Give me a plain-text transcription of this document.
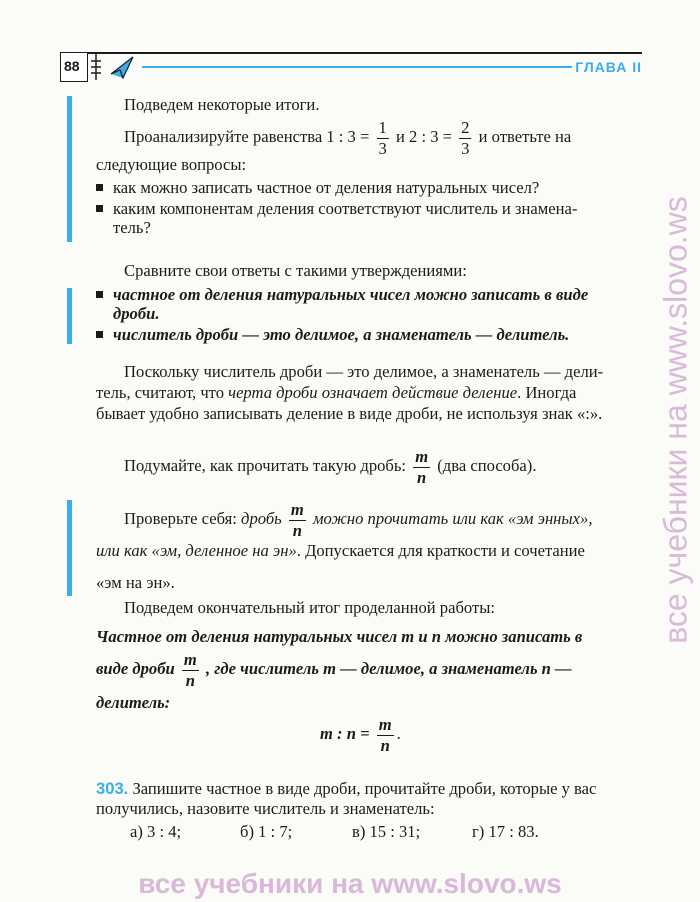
88	ГЛАВА II
Подведем некоторые итоги.
Проанализируйте равенства 1 : $3 = \frac{1}{3}$ и 2 : $3 = \frac{2}{3}$ и ответьте на
следующие вопросы:
как можно записать частное от деления натуральных чисел?
каким компонентам деления соответствуют числитель и знамена-
тель?
Сравните свои ответы с такими утверждениями:
частное от деления натуральных чисел можно записать в виде
дроби.
числитель дроби — это делимое, а знаменатель — делитель.
Поскольку числитель дроби — это делимое, а знаменатель — дели-
тель, считают, что черта дроби означает действие деление. Иногда
бывает удобно записывать деление в виде дроби, не используя знак «:».
Подумайте, как прочитать такую дробь: $\frac{m}{n} (два$ способа).
Проверьте себя: дробь $\frac{m}{n}$ можно прочитать или как «эм энных»,
или как «эм, деленное на эн». Допускается для краткости и сочетание
«эм на эн».
Подведем окончательный итог проделанной работы:
Частное от деления натуральных чисел m и n можно записать в
виде дроби $\frac{m}{n}$ , где числитель m — делимое, а знаменатель n —
делитель:
m : $n = \frac{m}{n}$ .
303. Запишите частное в виде дроби, прочитайте дроби, которые у вас
получились, назовите числитель и знаменатель:
а) 3 : 4;	б) 1 : 7;	в) 15 : 31;	г) 17 : 83.
все учебники на www.slovo.ws
все учебники на www.slovo.ws
